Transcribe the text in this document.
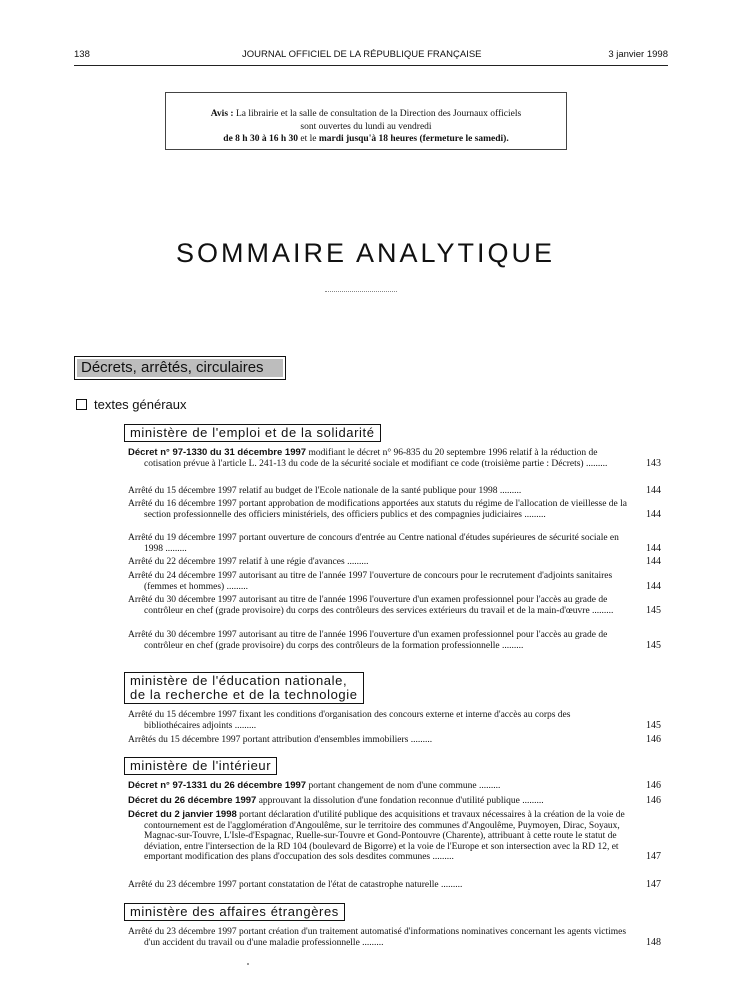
138	JOURNAL OFFICIEL DE LA RÉPUBLIQUE FRANÇAISE	3 janvier 1998
Avis : La librairie et la salle de consultation de la Direction des Journaux officiels
sont ouvertes du lundi au vendredi
de 8 h 30 à 16 h 30 et le mardi jusqu'à 18 heures (fermeture le samedi).
SOMMAIRE ANALYTIQUE
Décrets, arrêtés, circulaires
textes généraux
ministère de l'emploi et de la solidarité
Décret n° 97-1330 du 31 décembre 1997 modifiant le décret n° 96-835 du 20 septembre 1996 relatif à la réduction de cotisation prévue à l'article L. 241-13 du code de la sécurité sociale et modifiant ce code (troisième partie : Décrets) .........	143
Arrêté du 15 décembre 1997 relatif au budget de l'Ecole nationale de la santé publique pour 1998 .........	144
Arrêté du 16 décembre 1997 portant approbation de modifications apportées aux statuts du régime de l'allocation de vieillesse de la section professionnelle des officiers ministériels, des officiers publics et des compagnies judiciaires .........	144
Arrêté du 19 décembre 1997 portant ouverture de concours d'entrée au Centre national d'études supérieures de sécurité sociale en 1998 .........	144
Arrêté du 22 décembre 1997 relatif à une régie d'avances .........	144
Arrêté du 24 décembre 1997 autorisant au titre de l'année 1997 l'ouverture de concours pour le recrutement d'adjoints sanitaires (femmes et hommes) .........	144
Arrêté du 30 décembre 1997 autorisant au titre de l'année 1996 l'ouverture d'un examen professionnel pour l'accès au grade de contrôleur en chef (grade provisoire) du corps des contrôleurs des services extérieurs du travail et de la main-d'œuvre .........	145
Arrêté du 30 décembre 1997 autorisant au titre de l'année 1996 l'ouverture d'un examen professionnel pour l'accès au grade de contrôleur en chef (grade provisoire) du corps des contrôleurs de la formation professionnelle .........	145
ministère de l'éducation nationale,
de la recherche et de la technologie
Arrêté du 15 décembre 1997 fixant les conditions d'organisation des concours externe et interne d'accès au corps des bibliothécaires adjoints .........	145
Arrêtés du 15 décembre 1997 portant attribution d'ensembles immobiliers .........	146
ministère de l'intérieur
Décret n° 97-1331 du 26 décembre 1997 portant changement de nom d'une commune .........	146
Décret du 26 décembre 1997 approuvant la dissolution d'une fondation reconnue d'utilité publique .........	146
Décret du 2 janvier 1998 portant déclaration d'utilité publique des acquisitions et travaux nécessaires à la création de la voie de contournement est de l'agglomération d'Angoulême, sur le territoire des communes d'Angoulême, Puymoyen, Dirac, Soyaux, Magnac-sur-Touvre, L'Isle-d'Espagnac, Ruelle-sur-Touvre et Gond-Pontouvre (Charente), attribuant à cette route le statut de déviation, entre l'intersection de la RD 104 (boulevard de Bigorre) et la voie de l'Europe et son intersection avec la RD 12, et emportant modification des plans d'occupation des sols desdites communes .........	147
Arrêté du 23 décembre 1997 portant constatation de l'état de catastrophe naturelle .........	147
ministère des affaires étrangères
Arrêté du 23 décembre 1997 portant création d'un traitement automatisé d'informations nominatives concernant les agents victimes d'un accident du travail ou d'une maladie professionnelle .........	148
